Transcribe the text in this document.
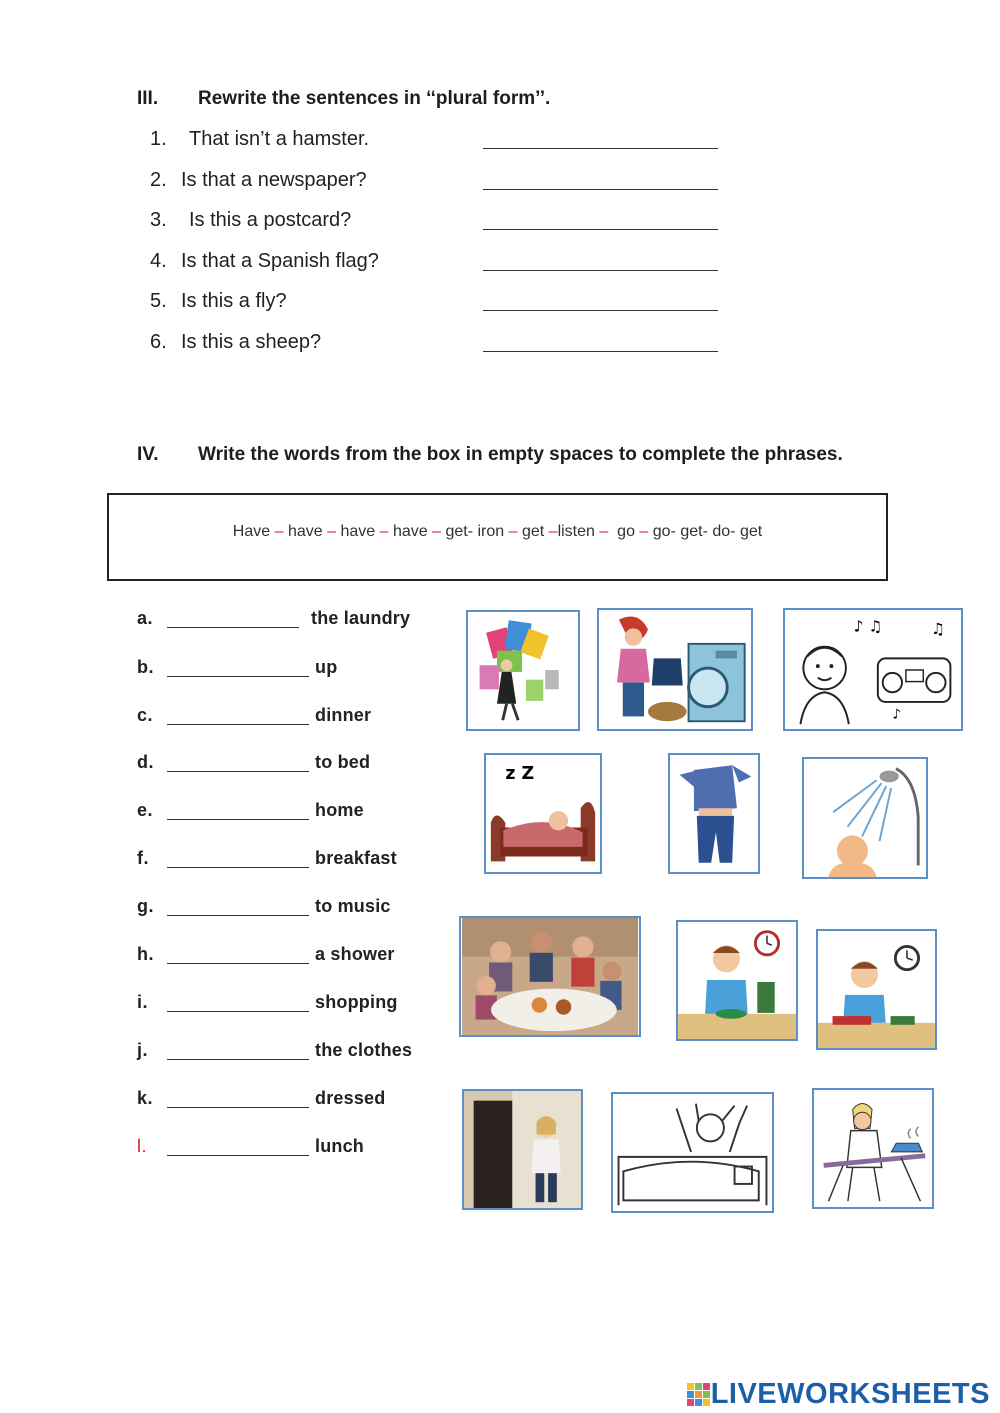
III. Rewrite the sentences in ‘‘plural form’’.
1. That isn’t a hamster.
2. Is that a newspaper?
3. Is this a postcard?
4. Is that a Spanish flag?
5. Is this a fly?
6. Is this a sheep?
IV. Write the words from the box in empty spaces to complete the phrases.
Have – have – have – have – get- iron – get –listen –  go – go- get- do- get
a.	the laundry
b.	up
c.	dinner
d.	to bed
e.	home
f.	breakfast
g.	to music
h.	a shower
i.	shopping
j.	the clothes
k.	dressed
l.	lunch
♪ ♫	♫
♪
z Z
LIVEWORKSHEETS
